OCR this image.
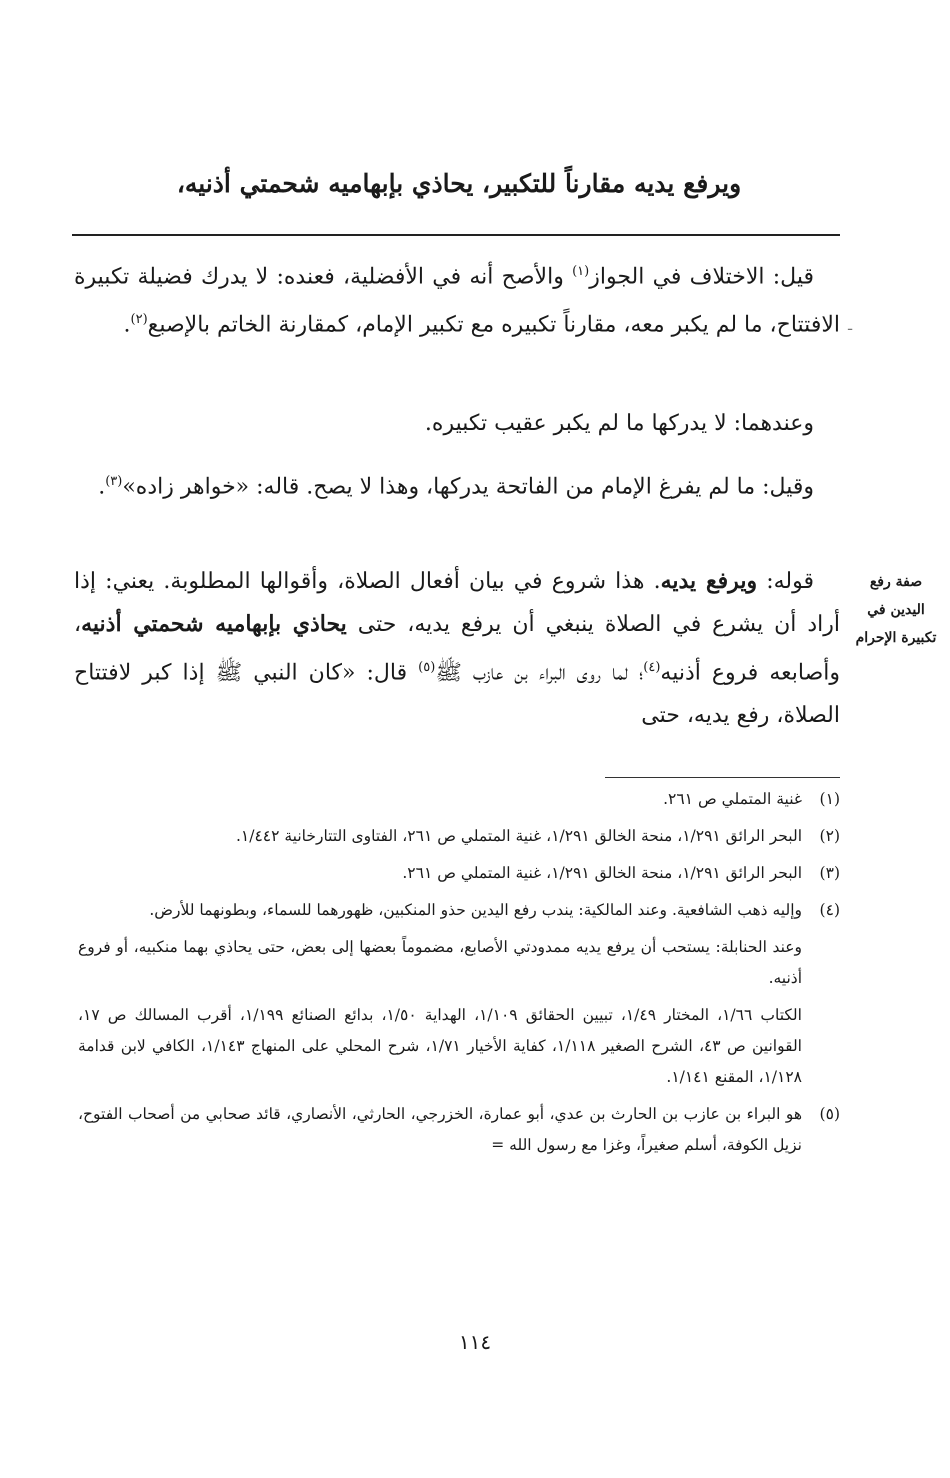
ويرفع يديه مقارناً للتكبير، يحاذي بإبهاميه شحمتي أذنيه،
ـ

قيل: الاختلاف في الجواز$^{(١)}$ والأصح أنه في الأفضلية، فعنده: لا يدرك فضيلة تكبيرة الافتتاح، ما لم يكبر معه، مقارناً تكبيره مع تكبير الإمام، كمقارنة الخاتم بالإصبع$^{(٢)}$.

وعندهما: لا يدركها ما لم يكبر عقيب تكبيره.

وقيل: ما لم يفرغ الإمام من الفاتحة يدركها، وهذا لا يصح. قاله: «خواهر زاده»$^{(٣)}$.

قوله: ويرفع يديه. هذا شروع في بيان أفعال الصلاة، وأقوالها المطلوبة. يعني: إذا أراد أن يشرع في الصلاة ينبغي أن يرفع يديه، حتى يحاذي بإبهاميه شحمتي أذنيه، وأصابعه فروع أذنيه$^{(٤)}$؛ لما روى البراء بن عازب ﷺ$^{(٥)}$ قال: «كان النبي ﷺ إذا كبر لافتتاح الصلاة، رفع يديه، حتى

صفة رفع اليدين في تكبيرة الإحرام

(١)
غنية المتملي ص ٢٦١.

(٢)
البحر الرائق ١/٢٩١، منحة الخالق ١/٢٩١، غنية المتملي ص ٢٦١، الفتاوى التتارخانية ١/٤٤٢.

(٣)
البحر الرائق ١/٢٩١، منحة الخالق ١/٢٩١، غنية المتملي ص ٢٦١.

(٤)
وإليه ذهب الشافعية. وعند المالكية: يندب رفع اليدين حذو المنكبين، ظهورهما للسماء، وبطونهما للأرض.

وعند الحنابلة: يستحب أن يرفع يديه ممدودتي الأصابع، مضموماً بعضها إلى بعض، حتى يحاذي بهما منكبيه، أو فروع أذنيه.

الكتاب ١/٦٦، المختار ١/٤٩، تبيين الحقائق ١/١٠٩، الهداية ١/٥٠، بدائع الصنائع ١/١٩٩، أقرب المسالك ص ١٧، القوانين ص ٤٣، الشرح الصغير ١/١١٨، كفاية الأخيار ١/٧١، شرح المحلي على المنهاج ١/١٤٣، الكافي لابن قدامة ١/١٢٨، المقنع ١/١٤١.

(٥)
هو البراء بن عازب بن الحارث بن عدي، أبو عمارة، الخزرجي، الحارثي، الأنصاري، قائد صحابي من أصحاب الفتوح، نزيل الكوفة، أسلم صغيراً، وغزا مع رسول الله =

١١٤
